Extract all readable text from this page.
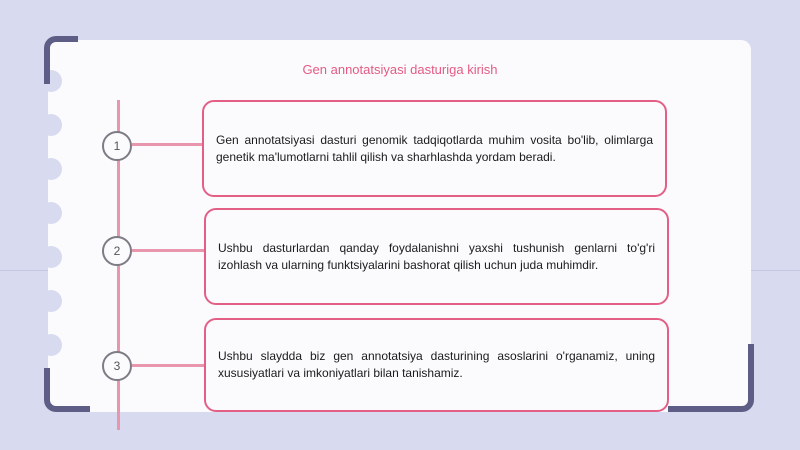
Gen annotatsiyasi dasturiga kirish
1	Gen annotatsiyasi dasturi genomik tadqiqotlarda muhim vosita bo'lib, olimlarga genetik ma'lumotlarni tahlil qilish va sharhlashda yordam beradi.
2	Ushbu dasturlardan qanday foydalanishni yaxshi tushunish genlarni to'g'ri izohlash va ularning funktsiyalarini bashorat qilish uchun juda muhimdir.
3
Ushbu slaydda biz gen annotatsiya dasturining asoslarini o'rganamiz, uning xususiyatlari va imkoniyatlari bilan tanishamiz.
